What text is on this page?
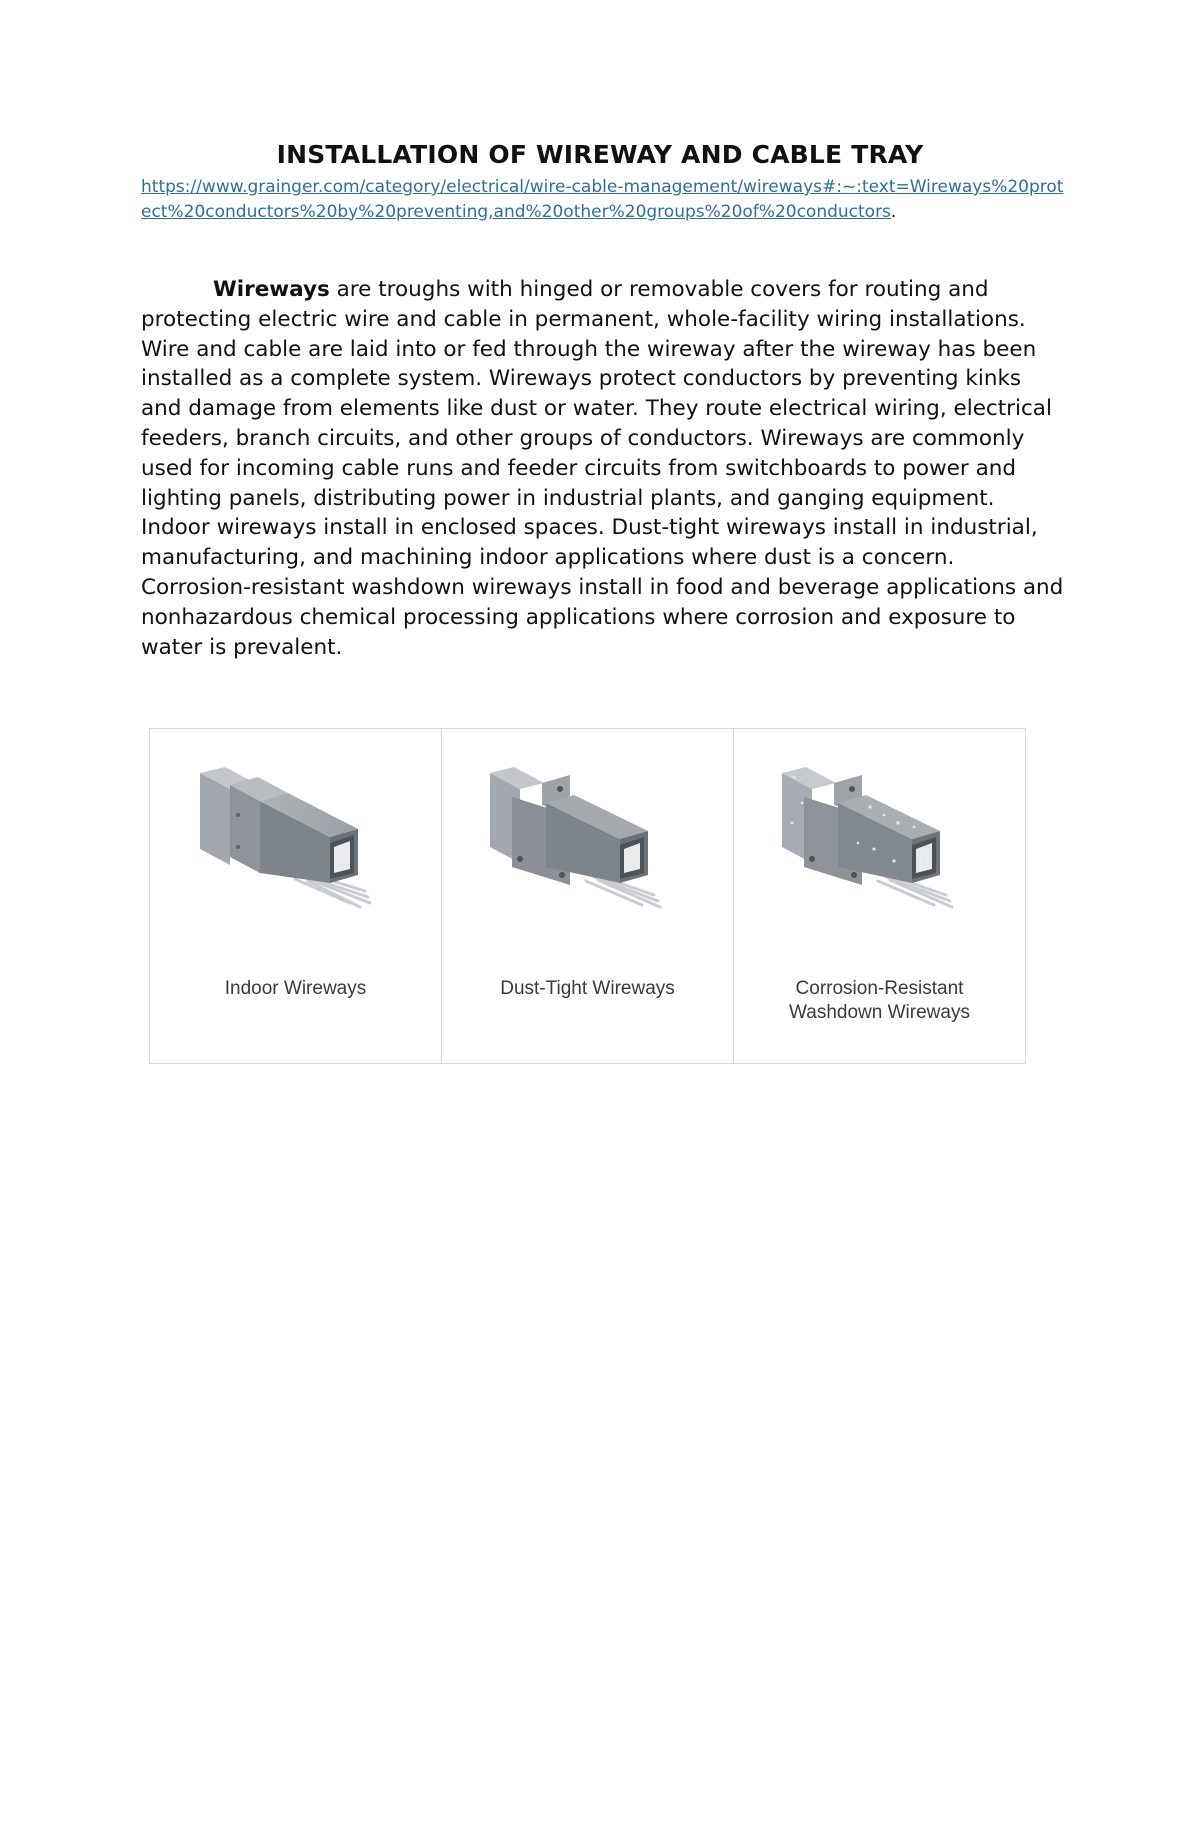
INSTALLATION OF WIREWAY AND CABLE TRAY
https://www.grainger.com/category/electrical/wire-cable-management/wireways#:~:text=Wireways%20protect%20conductors%20by%20preventing,and%20other%20groups%20of%20conductors.

Wireways are troughs with hinged or removable covers for routing and protecting electric wire and cable in permanent, whole-facility wiring installations. Wire and cable are laid into or fed through the wireway after the wireway has been installed as a complete system. Wireways protect conductors by preventing kinks and damage from elements like dust or water. They route electrical wiring, electrical feeders, branch circuits, and other groups of conductors. Wireways are commonly used for incoming cable runs and feeder circuits from switchboards to power and lighting panels, distributing power in industrial plants, and ganging equipment. Indoor wireways install in enclosed spaces. Dust-tight wireways install in industrial, manufacturing, and machining indoor applications where dust is a concern. Corrosion-resistant washdown wireways install in food and beverage applications and nonhazardous chemical processing applications where corrosion and exposure to water is prevalent.

Indoor Wireways	Dust-Tight Wireways	Corrosion-Resistant
Washdown Wireways
